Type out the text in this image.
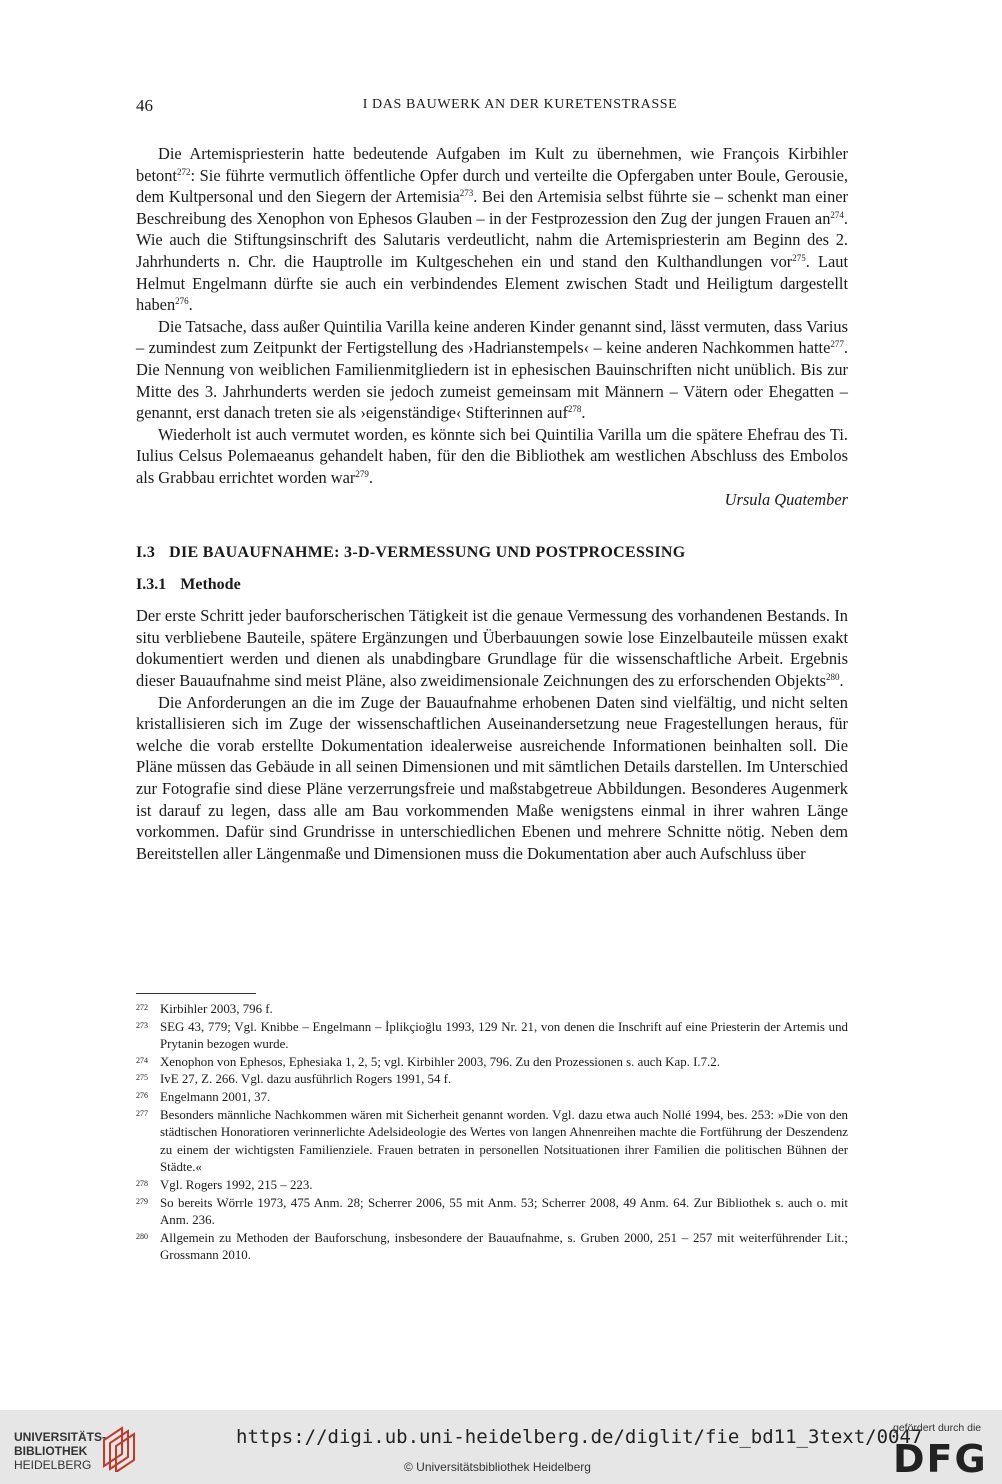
46	I DAS BAUWERK AN DER KURETENSTRASSE

Die Artemispriesterin hatte bedeutende Aufgaben im Kult zu übernehmen, wie François Kirbihler betont$^{272}$: Sie führte vermutlich öffentliche Opfer durch und verteilte die Opfergaben unter Boule, Gerousie, dem Kultpersonal und den Siegern der Artemisia$^{273}$. Bei den Artemisia selbst führte sie – schenkt man einer Beschreibung des Xenophon von Ephesos Glauben – in der Festprozession den Zug der jungen Frauen $an^{274}$. Wie auch die Stiftungsinschrift des Salutaris verdeutlicht, nahm die Artemispriesterin am Beginn des 2. Jahrhunderts n. Chr. die Hauptrolle im Kultgeschehen ein und stand den Kulthandlungen vor$^{275}$. Laut Helmut Engelmann dürfte sie auch ein verbindendes Element zwischen Stadt und Heiligtum dargestellt haben$^{276}$.

Die Tatsache, dass außer Quintilia Varilla keine anderen Kinder genannt sind, lässt vermuten, dass Varius – zumindest zum Zeitpunkt der Fertigstellung des ›Hadrianstempels‹ – keine anderen Nachkommen hatte$^{277}$. Die Nennung von weiblichen Familienmitgliedern ist in ephesischen Bauinschriften nicht unüblich. Bis zur Mitte des 3. Jahrhunderts werden sie jedoch zumeist gemeinsam mit Männern – Vätern oder Ehegatten – genannt, erst danach treten sie als ›eigenständige‹ Stifterinnen auf$^{278}$.

Wiederholt ist auch vermutet worden, es könnte sich bei Quintilia Varilla um die spätere Ehefrau des Ti. Iulius Celsus Polemaeanus gehandelt haben, für den die Bibliothek am westlichen Abschluss des Embolos als Grabbau errichtet worden war$^{279}$.

Ursula Quatember

I.3 DIE BAUAUFNAHME: 3-D-VERMESSUNG UND POSTPROCESSING
I.3.1 Methode

Der erste Schritt jeder bauforscherischen Tätigkeit ist die genaue Vermessung des vorhandenen Bestands. In situ verbliebene Bauteile, spätere Ergänzungen und Überbauungen sowie lose Einzelbauteile müssen exakt dokumentiert werden und dienen als unabdingbare Grundlage für die wissenschaftliche Arbeit. Ergebnis dieser Bauaufnahme sind meist Pläne, also zweidimensionale Zeichnungen des zu erforschenden Objekts$^{280}$.

Die Anforderungen an die im Zuge der Bauaufnahme erhobenen Daten sind vielfältig, und nicht selten kristallisieren sich im Zuge der wissenschaftlichen Auseinandersetzung neue Fragestellungen heraus, für welche die vorab erstellte Dokumentation idealerweise ausreichende Informationen beinhalten soll. Die Pläne müssen das Gebäude in all seinen Dimensionen und mit sämtlichen Details darstellen. Im Unterschied zur Fotografie sind diese Pläne verzerrungsfreie und maßstabgetreue Abbildungen. Besonderes Augenmerk ist darauf zu legen, dass alle am Bau vorkommenden Maße wenigstens einmal in ihrer wahren Länge vorkommen. Dafür sind Grundrisse in unterschiedlichen Ebenen und mehrere Schnitte nötig. Neben dem Bereitstellen aller Längenmaße und Dimensionen muss die Dokumentation aber auch Aufschluss über

272 Kirbihler 2003, 796 f.
273 SEG 43, 779; Vgl. Knibbe – Engelmann – İplikçioğlu 1993, 129 Nr. 21, von denen die Inschrift auf eine Priesterin der Artemis und Prytanin bezogen wurde.
274 Xenophon von Ephesos, Ephesiaka 1, 2, 5; vgl. Kirbihler 2003, 796. Zu den Prozessionen s. auch Kap. I.7.2.
275 IvE 27, Z. 266. Vgl. dazu ausführlich Rogers 1991, 54 f.
276 Engelmann 2001, 37.
277 Besonders männliche Nachkommen wären mit Sicherheit genannt worden. Vgl. dazu etwa auch Nollé 1994, bes. 253: »Die von den städtischen Honoratioren verinnerlichte Adelsideologie des Wertes von langen Ahnenreihen machte die Fortführung der Deszendenz zu einem der wichtigsten Familienziele. Frauen betraten in personellen Notsituationen ihrer Familien die politischen Bühnen der Städte.«
278 Vgl. Rogers 1992, 215 – 223.
279 So bereits Wörrle 1973, 475 Anm. 28; Scherrer 2006, 55 mit Anm. 53; Scherrer 2008, 49 Anm. 64. Zur Bibliothek s. auch o. mit Anm. 236.
280 Allgemein zu Methoden der Bauforschung, insbesondere der Bauaufnahme, s. Gruben 2000, 251 – 257 mit weiterführender Lit.; Grossmann 2010.
UNIVERSITÄTS-
BIBLIOTHEK
HEIDELBERG
https://digi.ub.uni-heidelberg.de/diglit/fie_bd11_3text/0047
© Universitätsbibliothek Heidelberg
gefördert durch die
DFG
